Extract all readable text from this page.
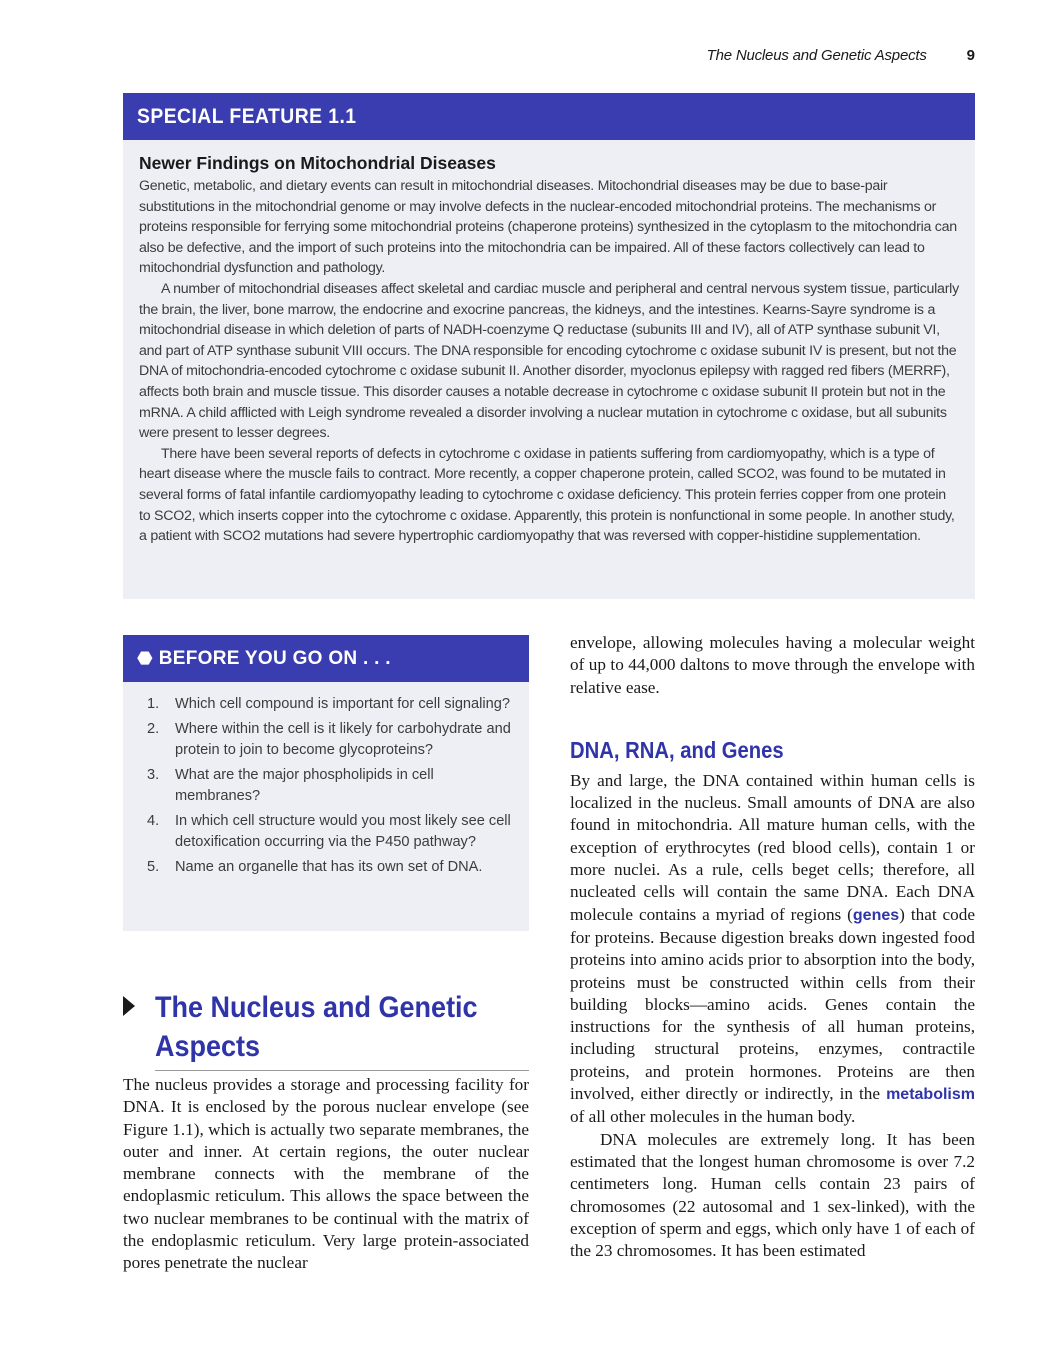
The Nucleus and Genetic Aspects	9
SPECIAL FEATURE 1.1
Newer Findings on Mitochondrial Diseases

Genetic, metabolic, and dietary events can result in mitochondrial diseases. Mitochondrial diseases may be due to base-pair substitutions in the mitochondrial genome or may involve defects in the nuclear-encoded mitochondrial proteins. The mechanisms or proteins responsible for ferrying some mitochondrial proteins (chaperone proteins) synthesized in the cytoplasm to the mitochondria can also be defective, and the import of such proteins into the mitochondria can be impaired. All of these factors collectively can lead to mitochondrial dysfunction and pathology.

A number of mitochondrial diseases affect skeletal and cardiac muscle and peripheral and central nervous system tissue, particularly the brain, the liver, bone marrow, the endocrine and exocrine pancreas, the kidneys, and the intestines. Kearns-Sayre syndrome is a mitochondrial disease in which deletion of parts of NADH-coenzyme Q reductase (subunits III and IV), all of ATP synthase subunit VI, and part of ATP synthase subunit VIII occurs. The DNA responsible for encoding cytochrome c oxidase subunit IV is present, but not the DNA of mitochondria-encoded cytochrome c oxidase subunit II. Another disorder, myoclonus epilepsy with ragged red fibers (MERRF), affects both brain and muscle tissue. This disorder causes a notable decrease in cytochrome c oxidase subunit II protein but not in the mRNA. A child afflicted with Leigh syndrome revealed a disorder involving a nuclear mutation in cytochrome c oxidase, but all subunits were present to lesser degrees.

There have been several reports of defects in cytochrome c oxidase in patients suffering from cardiomyopathy, which is a type of heart disease where the muscle fails to contract. More recently, a copper chaperone protein, called SCO2, was found to be mutated in several forms of fatal infantile cardiomyopathy leading to cytochrome c oxidase deficiency. This protein ferries copper from one protein to SCO2, which inserts copper into the cytochrome c oxidase. Apparently, this protein is nonfunctional in some people. In another study, a patient with SCO2 mutations had severe hypertrophic cardiomyopathy that was reversed with copper-histidine supplementation.

⬣ BEFORE YOU GO ON . . .
1.	Which cell compound is important for cell signaling?
2.	Where within the cell is it likely for carbohydrate and protein to join to become glycoproteins?
3.	What are the major phospholipids in cell membranes?
4.	In which cell structure would you most likely see cell detoxification occurring via the P450 pathway?
5.	Name an organelle that has its own set of DNA.
The Nucleus and Genetic Aspects

The nucleus provides a storage and processing facility for DNA. It is enclosed by the porous nuclear envelope (see Figure 1.1), which is actually two separate membranes, the outer and inner. At certain regions, the outer nuclear membrane connects with the membrane of the endoplasmic reticulum. This allows the space between the two nuclear membranes to be continual with the matrix of the endoplasmic reticulum. Very large protein-associated pores penetrate the nuclear

envelope, allowing molecules having a molecular weight of up to 44,000 daltons to move through the envelope with relative ease.

DNA, RNA, and Genes

By and large, the DNA contained within human cells is localized in the nucleus. Small amounts of DNA are also found in mitochondria. All mature human cells, with the exception of erythrocytes (red blood cells), contain 1 or more nuclei. As a rule, cells beget cells; therefore, all nucleated cells will contain the same DNA. Each DNA molecule contains a myriad of regions (genes) that code for proteins. Because digestion breaks down ingested food proteins into amino acids prior to absorption into the body, proteins must be constructed within cells from their building blocks—amino acids. Genes contain the instructions for the synthesis of all human proteins, including structural proteins, enzymes, contractile proteins, and protein hormones. Proteins are then involved, either directly or indirectly, in the metabolism of all other molecules in the human body.

DNA molecules are extremely long. It has been estimated that the longest human chromosome is over 7.2 centimeters long. Human cells contain 23 pairs of chromosomes (22 autosomal and 1 sex-linked), with the exception of sperm and eggs, which only have 1 of each of the 23 chromosomes. It has been estimated
